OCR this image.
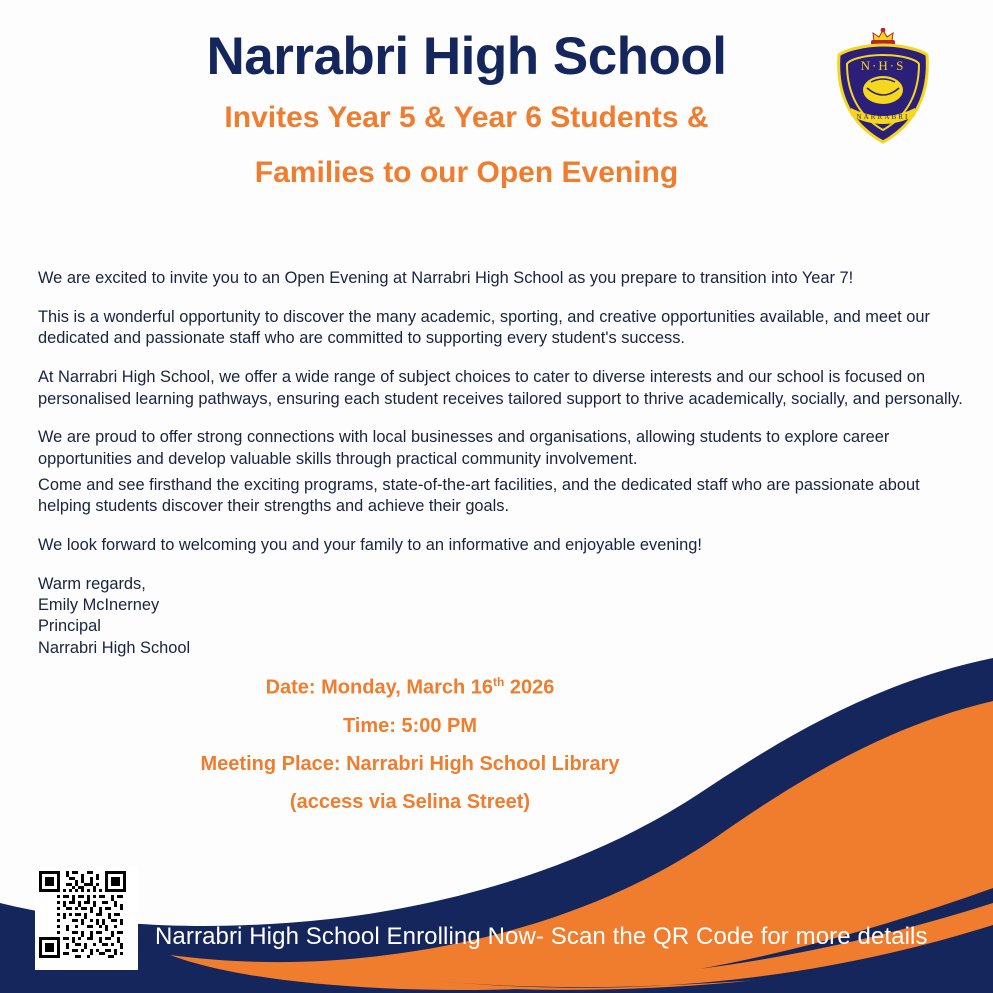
Narrabri High School
Invites Year 5 & Year 6 Students &
Families to our Open Evening
N·H·S
NARRABRI

We are excited to invite you to an Open Evening at Narrabri High School as you prepare to transition into Year 7!

This is a wonderful opportunity to discover the many academic, sporting, and creative opportunities available, and meet our dedicated and passionate staff who are committed to supporting every student's success.

At Narrabri High School, we offer a wide range of subject choices to cater to diverse interests and our school is focused on personalised learning pathways, ensuring each student receives tailored support to thrive academically, socially, and personally.

We are proud to offer strong connections with local businesses and organisations, allowing students to explore career opportunities and develop valuable skills through practical community involvement.

Come and see firsthand the exciting programs, state-of-the-art facilities, and the dedicated staff who are passionate about helping students discover their strengths and achieve their goals.

We look forward to welcoming you and your family to an informative and enjoyable evening!

Warm regards,
Emily McInerney
Principal
Narrabri High School
Date: Monday, March 16th 2026
Time: 5:00 PM
Meeting Place: Narrabri High School Library
(access via Selina Street)
Narrabri High School Enrolling Now- Scan the QR Code for more details
